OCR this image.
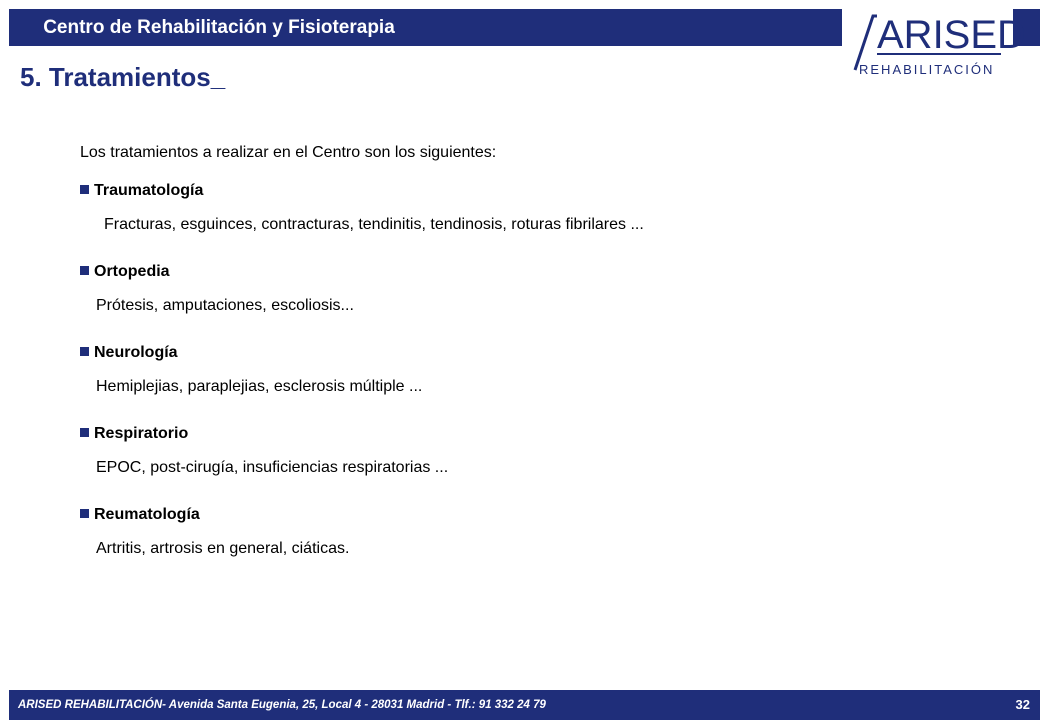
Centro de Rehabilitación y Fisioterapia	ARISED
REHABILITACIÓN
5. Tratamientos_
Los tratamientos a realizar en el Centro son los siguientes:
Traumatología
Fracturas, esguinces, contracturas, tendinitis, tendinosis, roturas fibrilares ...
Ortopedia
Prótesis, amputaciones, escoliosis...
Neurología
Hemiplejias, paraplejias, esclerosis múltiple ...
Respiratorio
EPOC, post-cirugía, insuficiencias respiratorias ...
Reumatología
Artritis, artrosis en general, ciáticas.
ARISED REHABILITACIÓN- Avenida Santa Eugenia, 25, Local 4 - 28031 Madrid - Tlf.: 91 332 24 79	32
